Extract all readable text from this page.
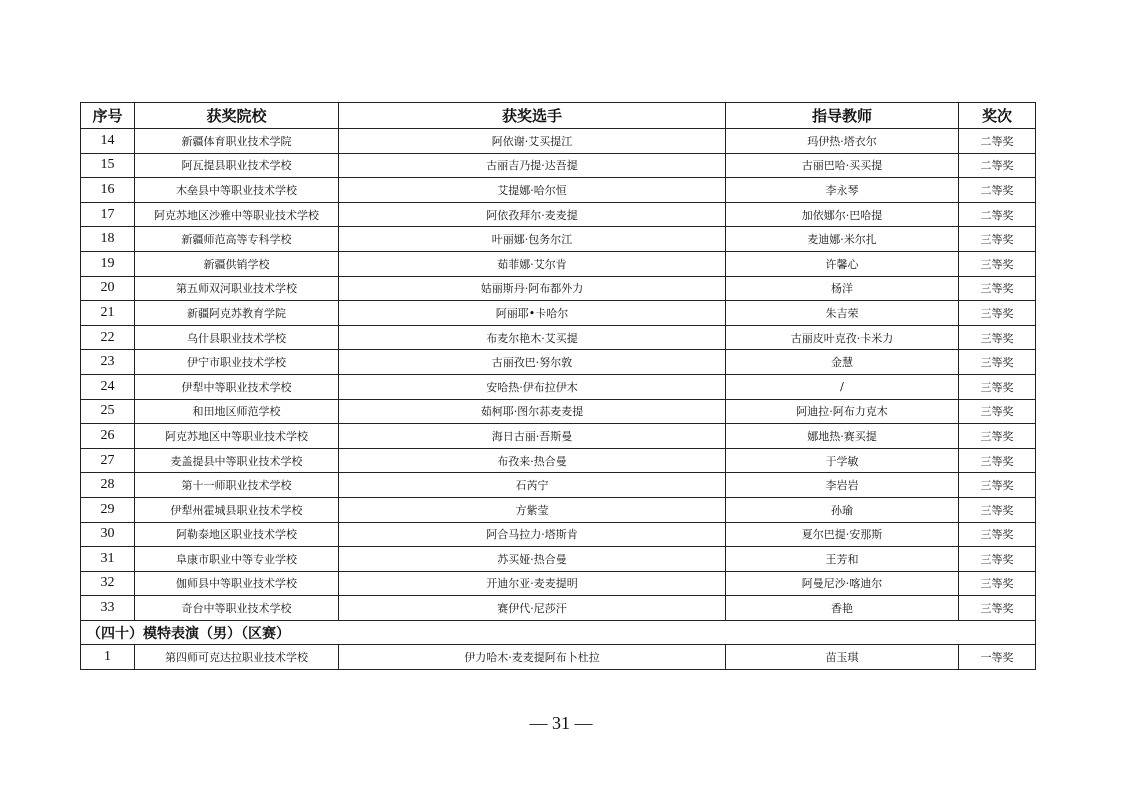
序号	获奖院校	获奖选手	指导教师	奖次
14	新疆体育职业技术学院	阿依谢·艾买提江	玛伊热·塔衣尔	二等奖
15	阿瓦提县职业技术学校	古丽吉乃提·达吾提	古丽巴哈·买买提	二等奖
16	木垒县中等职业技术学校	艾提娜·哈尔恒	李永琴	二等奖
17	阿克苏地区沙雅中等职业技术学校	阿依孜拜尔·麦麦提	加依娜尔·巴哈提	二等奖
18	新疆师范高等专科学校	叶丽娜·包务尔江	麦迪娜·米尔扎	三等奖
19	新疆供销学校	茹菲娜·艾尔肯	许馨心	三等奖
20	第五师双河职业技术学校	姑丽斯丹·阿布都外力	杨洋	三等奖
21	新疆阿克苏教育学院	阿丽耶•卡哈尔	朱吉荣	三等奖
22	乌什县职业技术学校	布麦尔艳木·艾买提	古丽皮叶克孜·卡米力	三等奖
23	伊宁市职业技术学校	古丽孜巴·努尔敦	金慧	三等奖
24	伊犁中等职业技术学校	安哈热·伊布拉伊木	/	三等奖
25	和田地区师范学校	茹柯耶·图尔荪麦麦提	阿迪拉·阿布力克木	三等奖
26	阿克苏地区中等职业技术学校	海日古丽·吾斯曼	娜地热·赛买提	三等奖
27	麦盖提县中等职业技术学校	布孜来·热合曼	于学敏	三等奖
28	第十一师职业技术学校	石芮宁	李岩岩	三等奖
29	伊犁州霍城县职业技术学校	方紫莹	孙瑜	三等奖
30	阿勒泰地区职业技术学校	阿合马拉力·塔斯肯	夏尔巴提·安那斯	三等奖
31	阜康市职业中等专业学校	苏买娅·热合曼	王芳和	三等奖
32	伽师县中等职业技术学校	开迪尔亚·麦麦提明	阿曼尼沙·喀迪尔	三等奖
33	奇台中等职业技术学校	赛伊代·尼莎汗	香艳	三等奖
（四十）模特表演（男）（区赛）				
1	第四师可克达拉职业技术学校	伊力哈木·麦麦提阿布卜杜拉	苗玉琪	一等奖
— 31 —
